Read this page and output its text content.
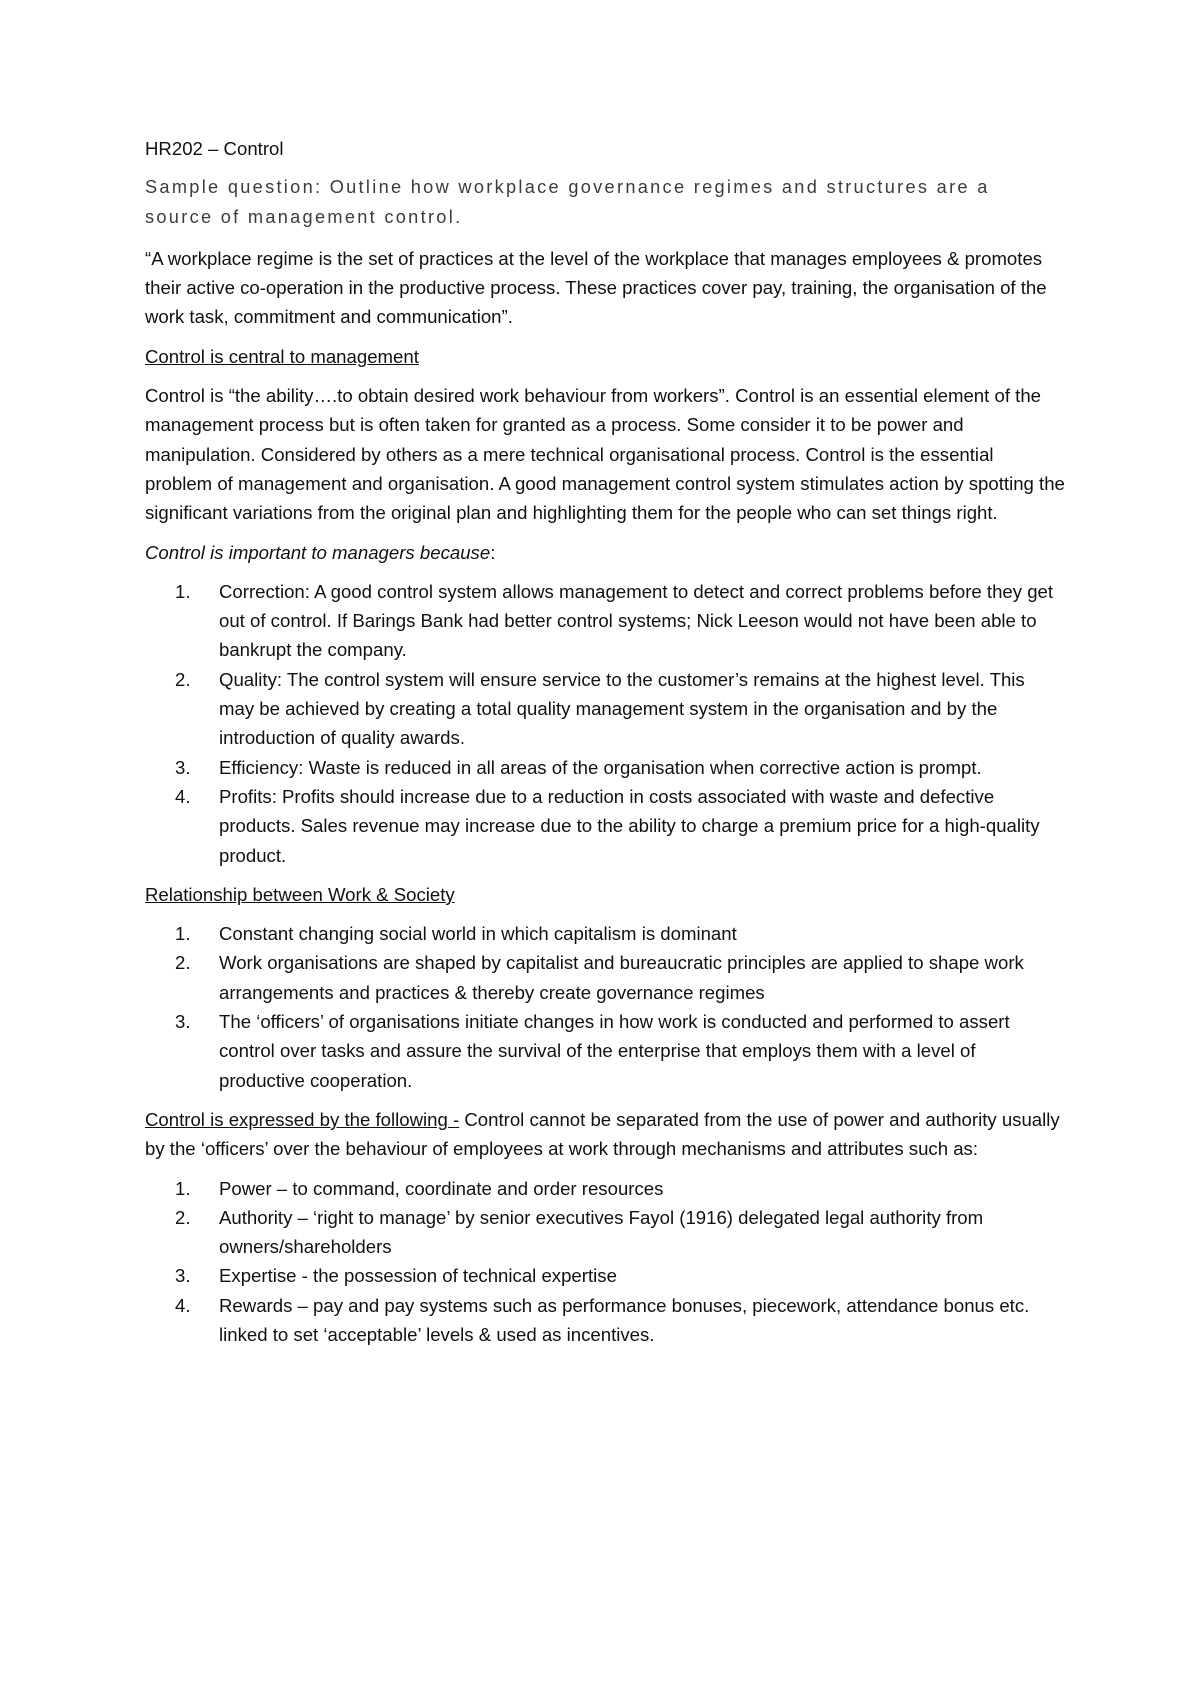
HR202 – Control
Sample question: Outline how workplace governance regimes and structures are a source of management control.

“A workplace regime is the set of practices at the level of the workplace that manages employees & promotes their active co-operation in the productive process. These practices cover pay, training, the organisation of the work task, commitment and communication”.

Control is central to management

Control is “the ability….to obtain desired work behaviour from workers”. Control is an essential element of the management process but is often taken for granted as a process. Some consider it to be power and manipulation. Considered by others as a mere technical organisational process. Control is the essential problem of management and organisation. A good management control system stimulates action by spotting the significant variations from the original plan and highlighting them for the people who can set things right.

Control is important to managers because:
1. Correction: A good control system allows management to detect and correct problems before they get out of control. If Barings Bank had better control systems; Nick Leeson would not have been able to bankrupt the company.
2. Quality: The control system will ensure service to the customer’s remains at the highest level. This may be achieved by creating a total quality management system in the organisation and by the introduction of quality awards.
3. Efficiency: Waste is reduced in all areas of the organisation when corrective action is prompt.
4. Profits: Profits should increase due to a reduction in costs associated with waste and defective products. Sales revenue may increase due to the ability to charge a premium price for a high-quality product.
Relationship between Work & Society
1. Constant changing social world in which capitalism is dominant
2. Work organisations are shaped by capitalist and bureaucratic principles are applied to shape work arrangements and practices & thereby create governance regimes
3. The ‘officers’ of organisations initiate changes in how work is conducted and performed to assert control over tasks and assure the survival of the enterprise that employs them with a level of productive cooperation.

Control is expressed by the following - Control cannot be separated from the use of power and authority usually by the ‘officers’ over the behaviour of employees at work through mechanisms and attributes such as:

1. Power – to command, coordinate and order resources
2. Authority – ‘right to manage’ by senior executives Fayol (1916) delegated legal authority from owners/shareholders
3. Expertise - the possession of technical expertise
4. Rewards – pay and pay systems such as performance bonuses, piecework, attendance bonus etc. linked to set ‘acceptable’ levels & used as incentives.
